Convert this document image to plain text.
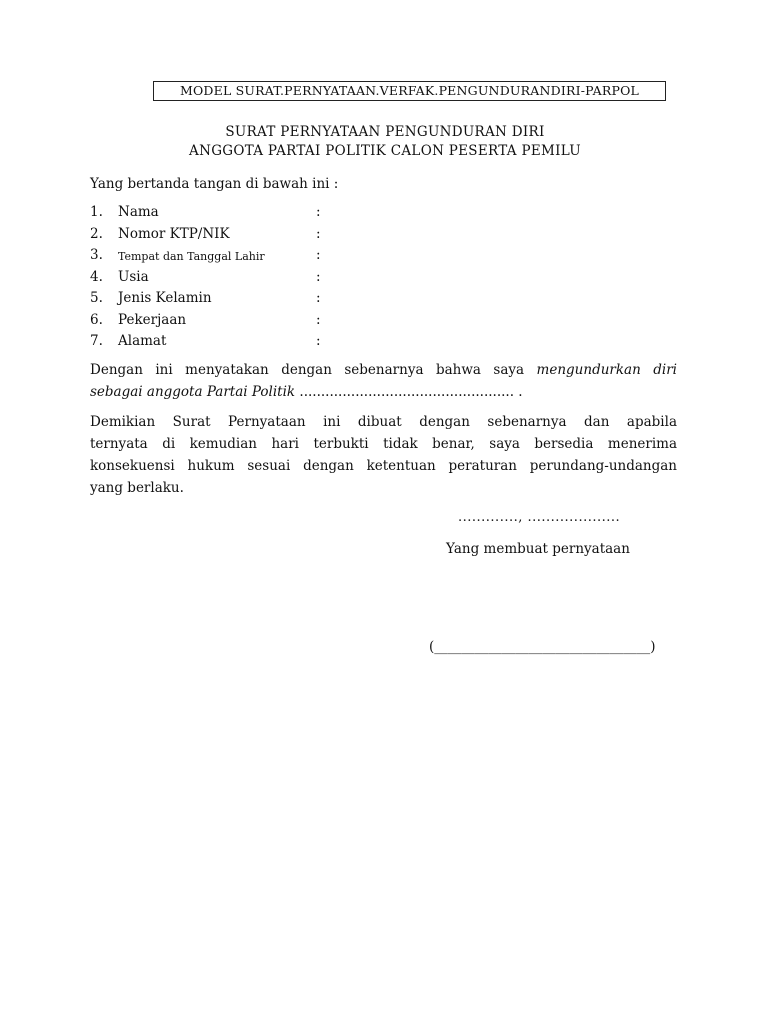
MODEL SURAT.PERNYATAAN.VERFAK.PENGUNDURANDIRI-PARPOL
SURAT PERNYATAAN PENGUNDURAN DIRI
ANGGOTA PARTAI POLITIK CALON PESERTA PEMILU
Yang bertanda tangan di bawah ini :
1. Nama	:
2. Nomor KTP/NIK	:
3. Tempat dan Tanggal Lahir	:
4. Usia	:
5. Jenis Kelamin	:
6. Pekerjaan	:
7. Alamat	:
Dengan ini menyatakan dengan sebenarnya bahwa saya mengundurkan diri
sebagai anggota Partai Politik .................................................. .
Demikian Surat Pernyataan ini dibuat dengan sebenarnya dan apabila
ternyata di kemudian hari terbukti tidak benar, saya bersedia menerima
konsekuensi hukum sesuai dengan ketentuan peraturan perundang-undangan
yang berlaku.
............., ....................
Yang membuat pernyataan
(________________________________)
